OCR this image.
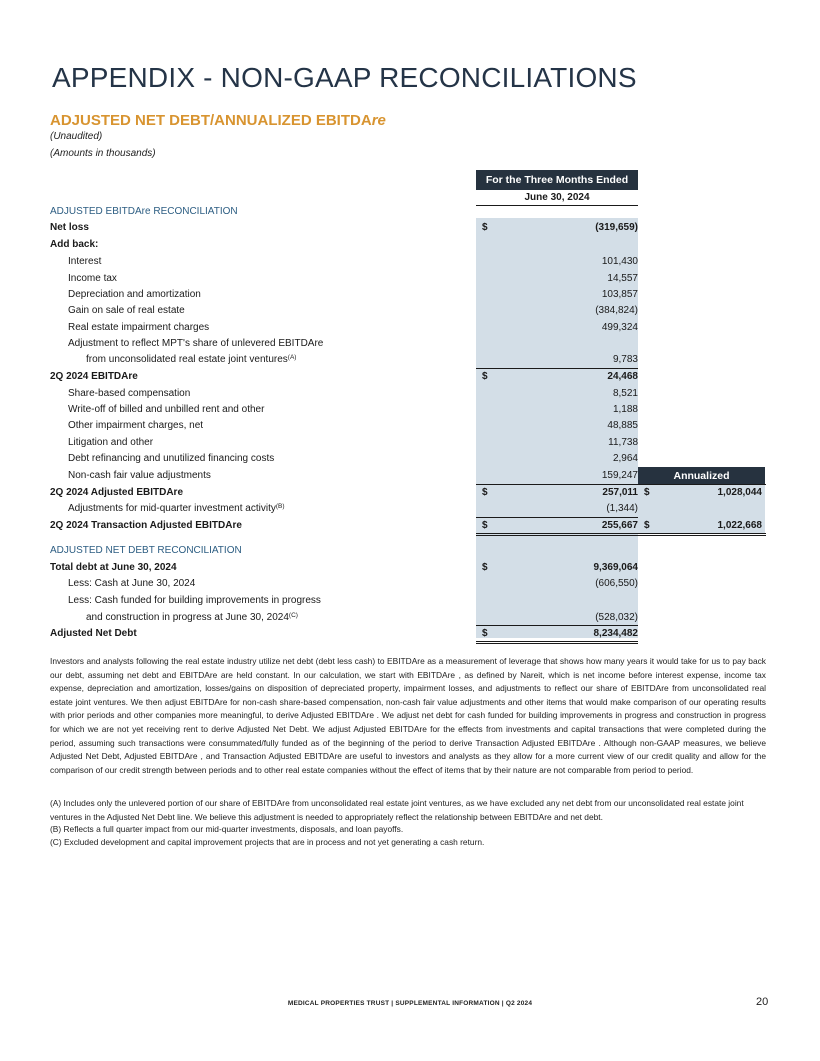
APPENDIX - NON-GAAP RECONCILIATIONS
ADJUSTED NET DEBT/ANNUALIZED EBITDAre
(Unaudited)
(Amounts in thousands)
For the Three Months Ended
June 30, 2024
Annualized
ADJUSTED EBITDAre RECONCILIATION
Net loss	$	(319,659)
Add back:
Interest	101,430
Income tax	14,557
Depreciation and amortization	103,857
Gain on sale of real estate	(384,824)
Real estate impairment charges	499,324
Adjustment to reflect MPT's share of unlevered EBITDAre
from unconsolidated real estate joint ventures$^{(A)}$	9,783
2Q 2024 EBITDAre	$	24,468
Share-based compensation	8,521
Write-off of billed and unbilled rent and other	1,188
Other impairment charges, net	48,885
Litigation and other	11,738
Debt refinancing and unutilized financing costs	2,964
Non-cash fair value adjustments	159,247
2Q 2024 Adjusted EBITDAre	$	257,011 $	1,028,044
Adjustments for mid-quarter investment activity$^{(B)}$	(1,344)
2Q 2024 Transaction Adjusted EBITDAre	$	255,667 $	1,022,668
ADJUSTED NET DEBT RECONCILIATION
Total debt at June 30, 2024	$	9,369,064
Less: Cash at June 30, 2024	(606,550)
Less: Cash funded for building improvements in progress
and construction in progress at June 30, $2024^{(C)}$	(528,032)
Adjusted Net Debt	$	8,234,482
Investors and analysts following the real estate industry utilize net debt (debt less cash) to EBITDAre as a measurement of leverage that shows how many years it would take for us to pay back our debt, assuming net debt and EBITDAre are held constant. In our calculation, we start with EBITDAre , as defined by Nareit, which is net income before interest expense, income tax expense, depreciation and amortization, losses/gains on disposition of depreciated property, impairment losses, and adjustments to reflect our share of EBITDAre from unconsolidated real estate joint ventures. We then adjust EBITDAre for non-cash share-based compensation, non-cash fair value adjustments and other items that would make comparison of our operating results with prior periods and other companies more meaningful, to derive Adjusted EBITDAre . We adjust net debt for cash funded for building improvements in progress and construction in progress for which we are not yet receiving rent to derive Adjusted Net Debt. We adjust Adjusted EBITDAre for the effects from investments and capital transactions that were completed during the period, assuming such transactions were consummated/fully funded as of the beginning of the period to derive Transaction Adjusted EBITDAre . Although non-GAAP measures, we believe Adjusted Net Debt, Adjusted EBITDAre , and Transaction Adjusted EBITDAre are useful to investors and analysts as they allow for a more current view of our credit quality and allow for the comparison of our credit strength between periods and to other real estate companies without the effect of items that by their nature are not comparable from period to period.
(A) Includes only the unlevered portion of our share of EBITDAre from unconsolidated real estate joint ventures, as we have excluded any net debt from our unconsolidated real estate joint ventures in the Adjusted Net Debt line. We believe this adjustment is needed to appropriately reflect the relationship between EBITDAre and net debt.
(B) Reflects a full quarter impact from our mid-quarter investments, disposals, and loan payoffs.
(C) Excluded development and capital improvement projects that are in process and not yet generating a cash return.
MEDICAL PROPERTIES TRUST | SUPPLEMENTAL INFORMATION | Q2 2024	20
